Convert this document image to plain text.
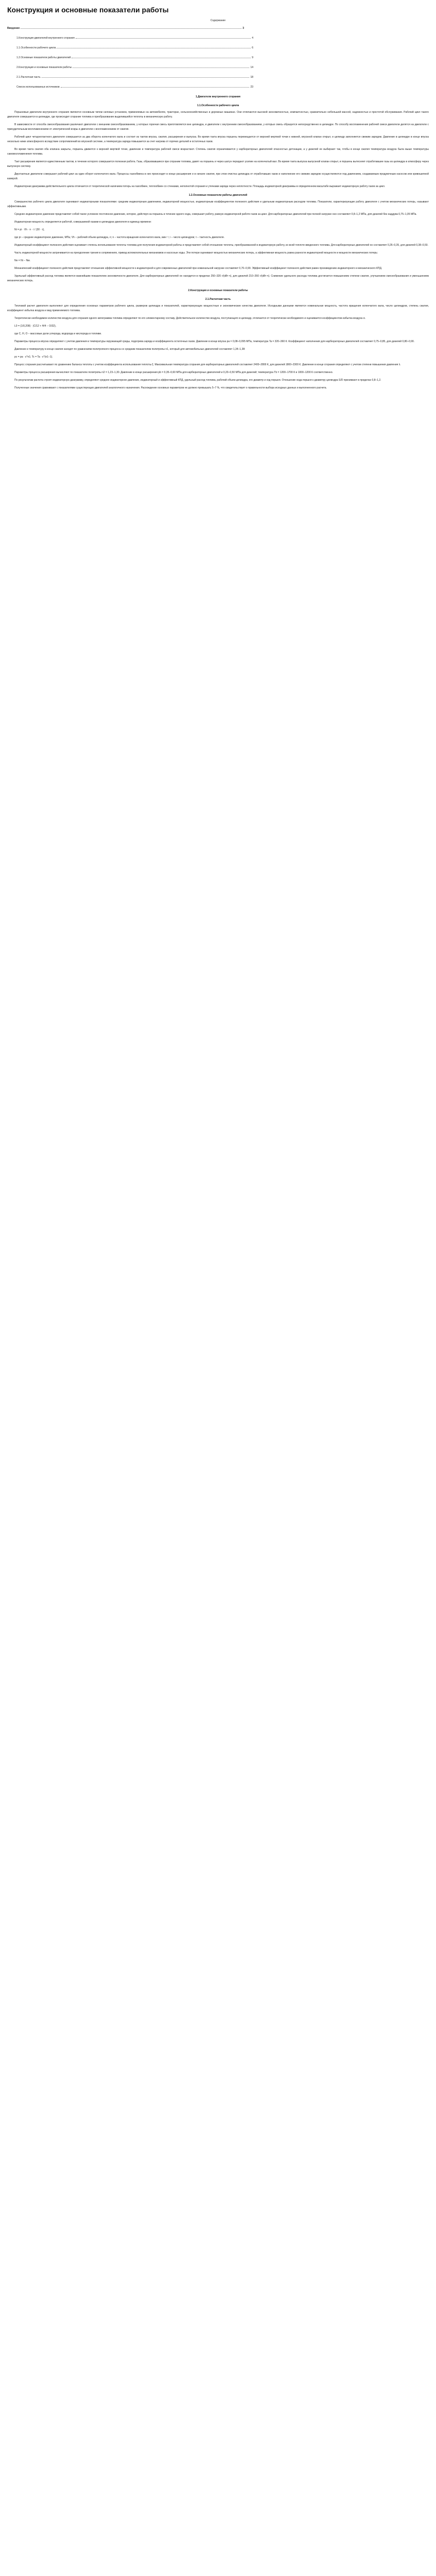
Конструкция и основные показатели работы
Содержание
Введение	3
1.Конструкция двигателей внутреннего сгорания	4
1.1.Особенности рабочего цикла	6
1.2.Основные показатели работы двигателей	9
2.Конструкция и основные показатели работы	14
2.1.Расчетная часть	18
Список использованных источников	23
1.Двигатели внутреннего сгорания
1.1.Особенности рабочего цикла

Поршневые двигатели внутреннего сгорания являются основным типом силовых установок, применяемых на автомобилях, тракторах, сельскохозяйственных и дорожных машинах. Они отличаются высокой экономичностью, компактностью, сравнительно небольшой массой, надежностью и простотой обслуживания. Рабочий цикл такого двигателя совершается в цилиндре, где происходит сгорание топлива и преобразование выделившейся теплоты в механическую работу.

В зависимости от способа смесеобразования различают двигатели с внешним смесеобразованием, у которых горючая смесь приготовляется вне цилиндра, и двигатели с внутренним смесеобразованием, у которых смесь образуется непосредственно в цилиндре. По способу воспламенения рабочей смеси двигатели делятся на двигатели с принудительным воспламенением от электрической искры и двигатели с воспламенением от сжатия.

Рабочий цикл четырехтактного двигателя совершается за два оборота коленчатого вала и состоит из тактов впуска, сжатия, расширения и выпуска. Во время такта впуска поршень перемещается от верхней мертвой точки к нижней, впускной клапан открыт, и цилиндр заполняется свежим зарядом. Давление в цилиндре в конце впуска несколько ниже атмосферного вследствие сопротивлений во впускной системе, а температура заряда повышается за счет нагрева от горячих деталей и остаточных газов.

Во время такта сжатия оба клапана закрыты, поршень движется к верхней мертвой точке, давление и температура рабочей смеси возрастают. Степень сжатия ограничивается у карбюраторных двигателей опасностью детонации, а у дизелей ее выбирают так, чтобы в конце сжатия температура воздуха была выше температуры самовоспламенения топлива.

Такт расширения является единственным тактом, в течение которого совершается полезная работа. Газы, образовавшиеся при сгорании топлива, давят на поршень и через шатун передают усилие на коленчатый вал. Во время такта выпуска выпускной клапан открыт, и поршень вытесняет отработавшие газы из цилиндра в атмосферу через выпускную систему.

Двухтактные двигатели совершают рабочий цикл за один оборот коленчатого вала. Процессы газообмена в них происходят в конце расширения и в начале сжатия, при этом очистка цилиндра от отработавших газов и наполнение его свежим зарядом осуществляются под давлением, создаваемым продувочным насосом или кривошипной камерой.

Индикаторная диаграмма действительного цикла отличается от теоретической наличием потерь на газообмен, теплообмен со стенками, неполнотой сгорания и утечками заряда через неплотности. Площадь индикаторной диаграммы в определенном масштабе выражает индикаторную работу газов за цикл.

1.2.Основные показатели работы двигателей

Совершенство рабочего цикла двигателя оценивают индикаторными показателями: средним индикаторным давлением, индикаторной мощностью, индикаторным коэффициентом полезного действия и удельным индикаторным расходом топлива. Показатели, характеризующие работу двигателя с учетом механических потерь, называют эффективными.

Среднее индикаторное давление представляет собой такое условное постоянное давление, которое, действуя на поршень в течение одного хода, совершает работу, равную индикаторной работе газов за цикл. Для карбюраторных двигателей при полной нагрузке оно составляет 0,8–1,2 МПа, для дизелей без наддува 0,75–1,05 МПа.

Индикаторная мощность определяется работой, совершаемой газами в цилиндрах двигателя в единицу времени:

Ni = pi · Vh · n · i / (30 · τ),

где pi – среднее индикаторное давление, МПа; Vh – рабочий объем цилиндра, л; n – частота вращения коленчатого вала, мин⁻¹; i – число цилиндров; τ – тактность двигателя.

Индикаторный коэффициент полезного действия оценивает степень использования теплоты топлива для получения индикаторной работы и представляет собой отношение теплоты, преобразованной в индикаторную работу, ко всей теплоте введенного топлива. Для карбюраторных двигателей он составляет 0,26–0,35, для дизелей 0,38–0,50.

Часть индикаторной мощности затрачивается на преодоление трения в сопряжениях, привод вспомогательных механизмов и насосные ходы. Эти потери оценивают мощностью механических потерь, а эффективная мощность равна разности индикаторной мощности и мощности механических потерь:

Ne = Ni − Nм.

Механический коэффициент полезного действия представляет отношение эффективной мощности к индикаторной и для современных двигателей при номинальной нагрузке составляет 0,70–0,90. Эффективный коэффициент полезного действия равен произведению индикаторного и механического КПД.

Удельный эффективный расход топлива является важнейшим показателем экономичности двигателя. Для карбюраторных двигателей он находится в пределах 250–320 г/(кВт·ч), для дизелей 210–260 г/(кВт·ч). Снижение удельного расхода топлива достигается повышением степени сжатия, улучшением смесеобразования и уменьшением механических потерь.

2.Конструкция и основные показатели работы
2.1.Расчетная часть

Тепловой расчет двигателя выполняют для определения основных параметров рабочего цикла, размеров цилиндра и показателей, характеризующих мощностные и экономические качества двигателя. Исходными данными являются номинальная мощность, частота вращения коленчатого вала, число цилиндров, степень сжатия, коэффициент избытка воздуха и вид применяемого топлива.

Теоретически необходимое количество воздуха для сгорания одного килограмма топлива определяют по его элементарному составу. Действительное количество воздуха, поступающего в цилиндр, отличается от теоретически необходимого и оценивается коэффициентом избытка воздуха α.

L0 = (1/0,208) · (C/12 + H/4 − O/32),

где C, H, O – массовые доли углерода, водорода и кислорода в топливе.

Параметры процесса впуска определяют с учетом давления и температуры окружающей среды, подогрева заряда и коэффициента остаточных газов. Давление в конце впуска pa = 0,08–0,095 МПа, температура Ta = 320–360 К. Коэффициент наполнения для карбюраторных двигателей составляет 0,75–0,85, для дизелей 0,80–0,90.

Давление и температуру в конце сжатия находят по уравнениям политропного процесса со средним показателем политропы n1, который для автомобильных двигателей составляет 1,34–1,38:

pc = pa · ε^n1; Tc = Ta · ε^(n1−1).

Процесс сгорания рассчитывают по уравнению баланса теплоты с учетом коэффициента использования теплоты ξ. Максимальная температура сгорания для карбюраторных двигателей составляет 2400–2800 К, для дизелей 1800–2300 К. Давление в конце сгорания определяют с учетом степени повышения давления λ.

Параметры процесса расширения вычисляют по показателю политропы n2 = 1,23–1,30. Давление в конце расширения pb = 0,35–0,60 МПа для карбюраторных двигателей и 0,20–0,50 МПа для дизелей; температура Tb = 1200–1700 К и 1000–1200 К соответственно.

По результатам расчета строят индикаторную диаграмму, определяют среднее индикаторное давление, индикаторный и эффективный КПД, удельный расход топлива, рабочий объем цилиндра, его диаметр и ход поршня. Отношение хода поршня к диаметру цилиндра S/D принимают в пределах 0,8–1,2.

Полученные значения сравнивают с показателями существующих двигателей аналогичного назначения. Расхождение основных параметров не должно превышать 5–7 %, что свидетельствует о правильности выбора исходных данных и выполненного расчета.
